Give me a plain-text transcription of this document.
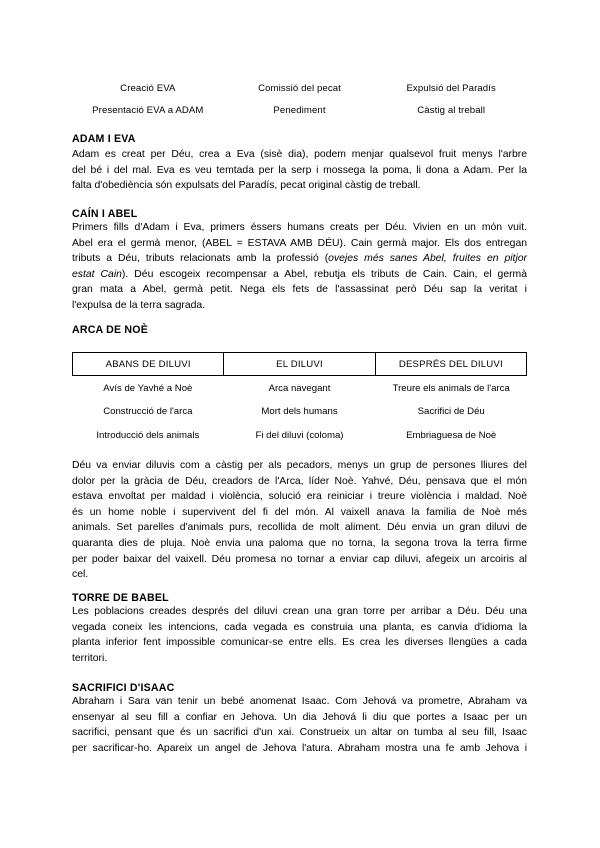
Creació EVA	Comissió del pecat	Expulsió del Paradís
Presentació EVA a ADAM	Penediment	Càstig al treball
ADAM I EVA
Adam es creat per Déu, crea a Eva (sisè dia), podem menjar qualsevol fruit menys l'arbre
del bé i del mal. Eva es veu temtada per la serp i mossega la poma, li dona a Adam. Per la
falta d'obediència són expulsats del Paradís, pecat original càstig de treball.
CAÍN I ABEL
Primers fills d'Adam i Eva, primers éssers humans creats per Déu. Vivien en un món vuit.
Abel era el germà menor, (ABEL = ESTAVA AMB DÉU). Cain germà major. Els dos entregan
tributs a Déu, tributs relacionats amb la professió (ovejes més sanes Abel, fruites en pitjor
estat Cain). Déu escogeix recompensar a Abel, rebutja els tributs de Cain. Cain, el germà
gran mata a Abel, germà petit. Nega els fets de l'assassinat però Déu sap la veritat i
l'expulsa de la terra sagrada.
ARCA DE NOÈ
ABANS DE DILUVI	EL DILUVI	DESPRÉS DEL DILUVI
Avís de Yavhé a Noè	Arca navegant	Treure els animals de l'arca
Construcció de l'arca	Mort dels humans	Sacrifici de Déu
Introducció dels animals	Fi del diluvi (coloma)	Embriaguesa de Noè
Déu va enviar diluvis com a càstig per als pecadors, menys un grup de persones lliures del
dolor per la gràcia de Déu, creadors de l'Arca, líder Noè. Yahvé, Déu, pensava que el món
estava envoltat per maldad i violència, solució era reiniciar i treure violència i maldad. Noè
és un home noble i supervivent del fi del món. Al vaixell anava la familia de Noè més
animals. Set parelles d'animals purs, recollida de molt aliment. Déu envia un gran diluvi de
quaranta dies de pluja. Noè envia una paloma que no torna, la segona trova la terra firme
per poder baixar del vaixell. Déu promesa no tornar a enviar cap diluvi, afegeix un arcoiris al
cel.
TORRE DE BABEL
Les poblacions creades després del diluvi crean una gran torre per arribar a Déu. Déu una
vegada coneix les intencions, cada vegada es construia una planta, es canvia d'idioma la
planta inferior fent impossible comunicar-se entre ells. Es crea les diverses llengües a cada
territori.
SACRIFICI D'ISAAC
Abraham i Sara van tenir un bebé anomenat Isaac. Com Jehová va prometre, Abraham va
ensenyar al seu fill a confiar en Jehova. Un dia Jehová li diu que portes a Isaac per un
sacrifici, pensant que és un sacrifici d'un xai. Construeix un altar on tumba al seu fill, Isaac
per sacrificar-ho. Apareix un angel de Jehova l'atura. Abraham mostra una fe amb Jehova i
